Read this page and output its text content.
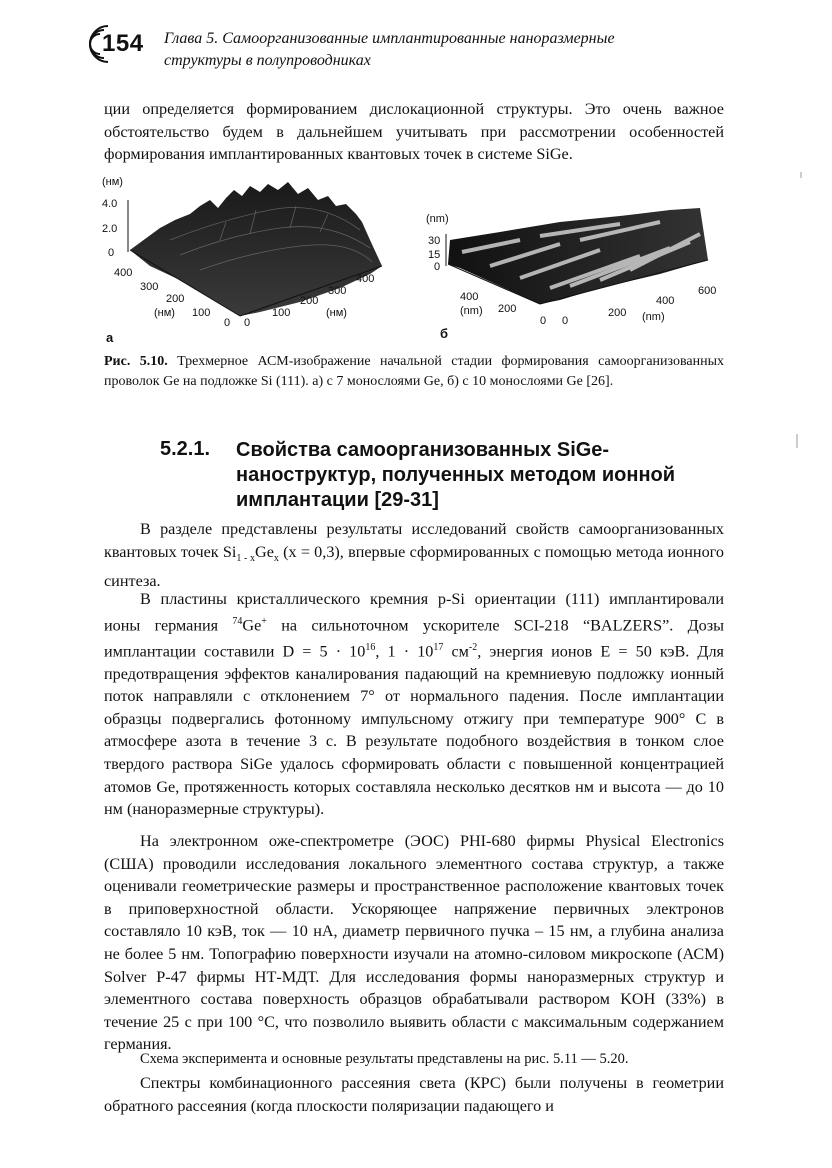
154 Глава 5. Самоорганизованные имплантированные наноразмерные
структуры в полупроводниках
ции определяется формированием дислокационной структуры. Это очень важное обстоятельство будем в дальнейшем учитывать при рассмотрении особенностей формирования имплантированных квантовых точек в системе SiGe.
(нм)
4.0
2.0
0
400
300
200
100
0
(нм)
0
100
200
300
400
(нм)
а
(nm)
30
15
0
400
200
0
(nm)
0
200
400
600
(nm)
б
Рис. 5.10. Трехмерное АСМ-изображение начальной стадии формирования самоорганизованных проволок Ge на подложке Si (111). а) с 7 монослоями Ge, б) с 10 монослоями Ge [26].
5.2.1. Свойства самоорганизованных SiGe-наноструктур, полученных методом ионной имплантации [29-31]
В разделе представлены результаты исследований свойств самоорганизованных квантовых точек $Si_{1 - x}Ge_x$ (x = 0,3), впервые сформированных с помощью метода ионного синтеза.
В пластины кристаллического кремния p-Si ориентации (111) имплантировали ионы германия $^{74}$Ge+ на сильноточном ускорителе SCI-218 “BALZERS”. Дозы имплантации составили $D = 5 \cdot 10^{16}$, $1 \cdot 10^{17}$ $см^{-2}$, энергия ионов E = 50 кэВ. Для предотвращения эффектов каналирования падающий на кремниевую подложку ионный поток направляли с отклонением 7° от нормального падения. После имплантации образцы подвергались фотонному импульсному отжигу при температуре 900° С в атмосфере азота в течение 3 с. В результате подобного воздействия в тонком слое твердого раствора SiGe удалось сформировать области с повышенной концентрацией атомов Ge, протяженность которых составляла несколько десятков нм и высота — до 10 нм (наноразмерные структуры).
На электронном оже-спектрометре (ЭОС) PHI-680 фирмы Physical Electronics (США) проводили исследования локального элементного состава структур, а также оценивали геометрические размеры и пространственное расположение квантовых точек в приповерхностной области. Ускоряющее напряжение первичных электронов составляло 10 кэВ, ток — 10 нА, диаметр первичного пучка – 15 нм, а глубина анализа не более 5 нм. Топографию поверхности изучали на атомно-силовом микроскопе (АСМ) Solver P-47 фирмы НТ-МДТ. Для исследования формы наноразмерных структур и элементного состава поверхность образцов обрабатывали раствором KOH (33%) в течение 25 с при 100 °С, что позволило выявить области с максимальным содержанием германия.
Схема эксперимента и основные результаты представлены на рис. 5.11 — 5.20.
Спектры комбинационного рассеяния света (КРС) были получены в геометрии обратного рассеяния (когда плоскости поляризации падающего и
